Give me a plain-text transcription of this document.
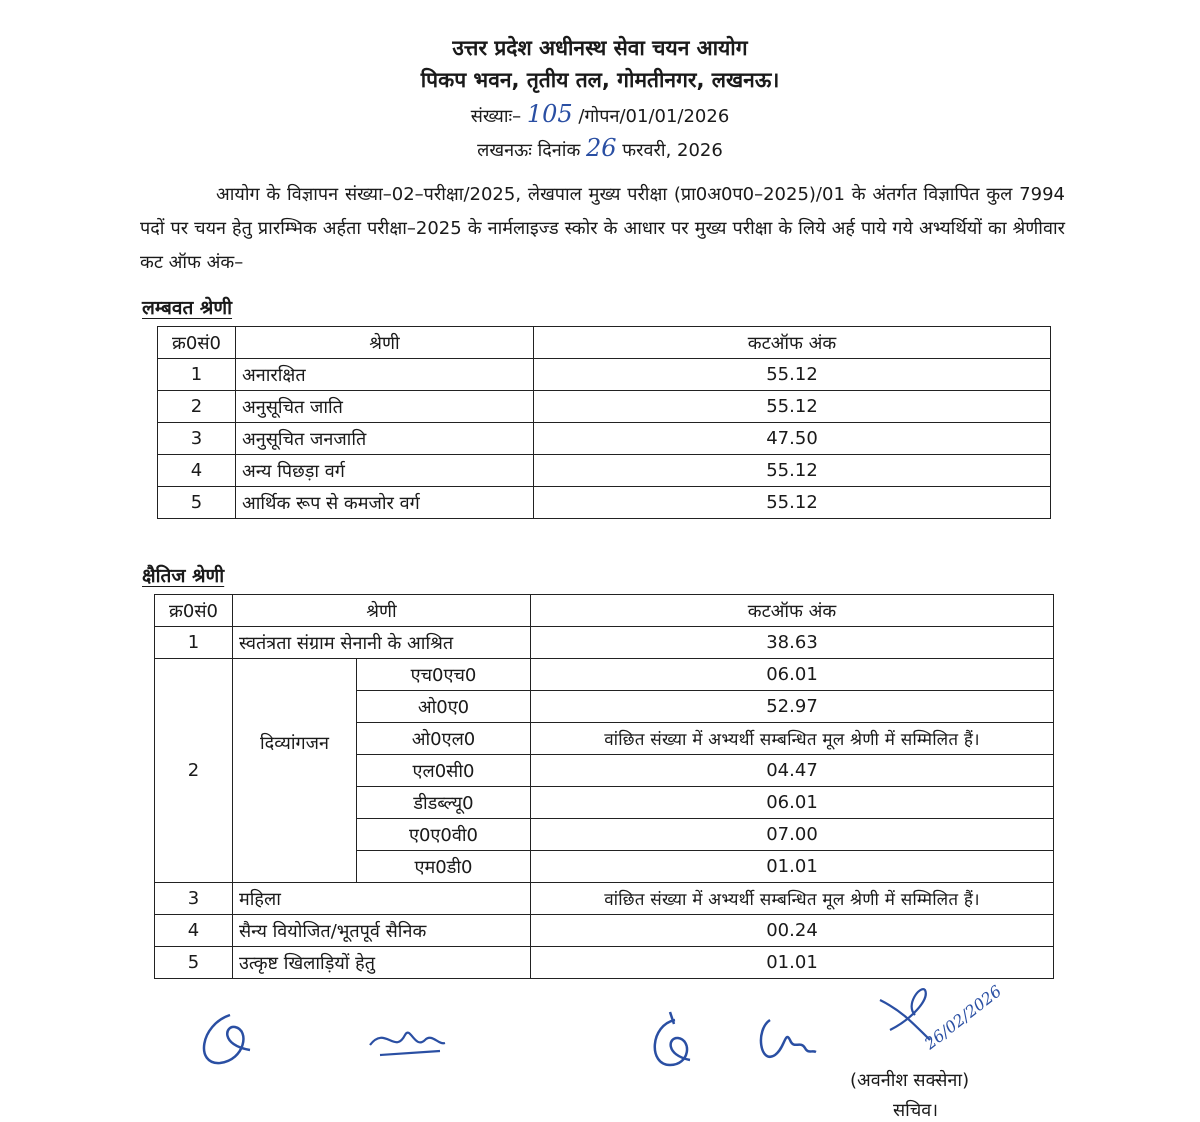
उत्तर प्रदेश अधीनस्थ सेवा चयन आयोग
पिकप भवन, तृतीय तल, गोमतीनगर, लखनऊ।
संख्याः– 105 /गोपन/01/01/2026
लखनऊः दिनांक 26 फरवरी, 2026
आयोग के विज्ञापन संख्या–02–परीक्षा/2025, लेखपाल मुख्य परीक्षा (प्रा0अ0प0–2025)/01 के अंतर्गत विज्ञापित कुल 7994 पदों पर चयन हेतु प्रारम्भिक अर्हता परीक्षा–2025 के नार्मलाइज्ड स्कोर के आधार पर मुख्य परीक्षा के लिये अर्ह पाये गये अभ्यर्थियों का श्रेणीवार कट ऑफ अंक–
लम्बवत श्रेणी
क्र0सं0	श्रेणी	कटऑफ अंक
1	अनारक्षित	55.12
2	अनुसूचित जाति	55.12
3	अनुसूचित जनजाति	47.50
4	अन्य पिछड़ा वर्ग	55.12
5	आर्थिक रूप से कमजोर वर्ग	55.12
क्षैतिज श्रेणी
क्र0सं0	श्रेणी		कटऑफ अंक
1	स्वतंत्रता संग्राम सेनानी के आश्रित		38.63
2	दिव्यांगजन	एच0एच0	06.01
		ओ0ए0	52.97
		ओ0एल0	वांछित संख्या में अभ्यर्थी सम्बन्धित मूल श्रेणी में सम्मिलित हैं।
		एल0सी0	04.47
		डीडब्ल्यू0	06.01
		ए0ए0वी0	07.00
		एम0डी0	01.01
3	महिला		वांछित संख्या में अभ्यर्थी सम्बन्धित मूल श्रेणी में सम्मिलित हैं।
4	सैन्य वियोजित/भूतपूर्व सैनिक		00.24
5	उत्कृष्ट खिलाड़ियों हेतु		01.01
26/02/2026
(अवनीश सक्सेना)
सचिव।
